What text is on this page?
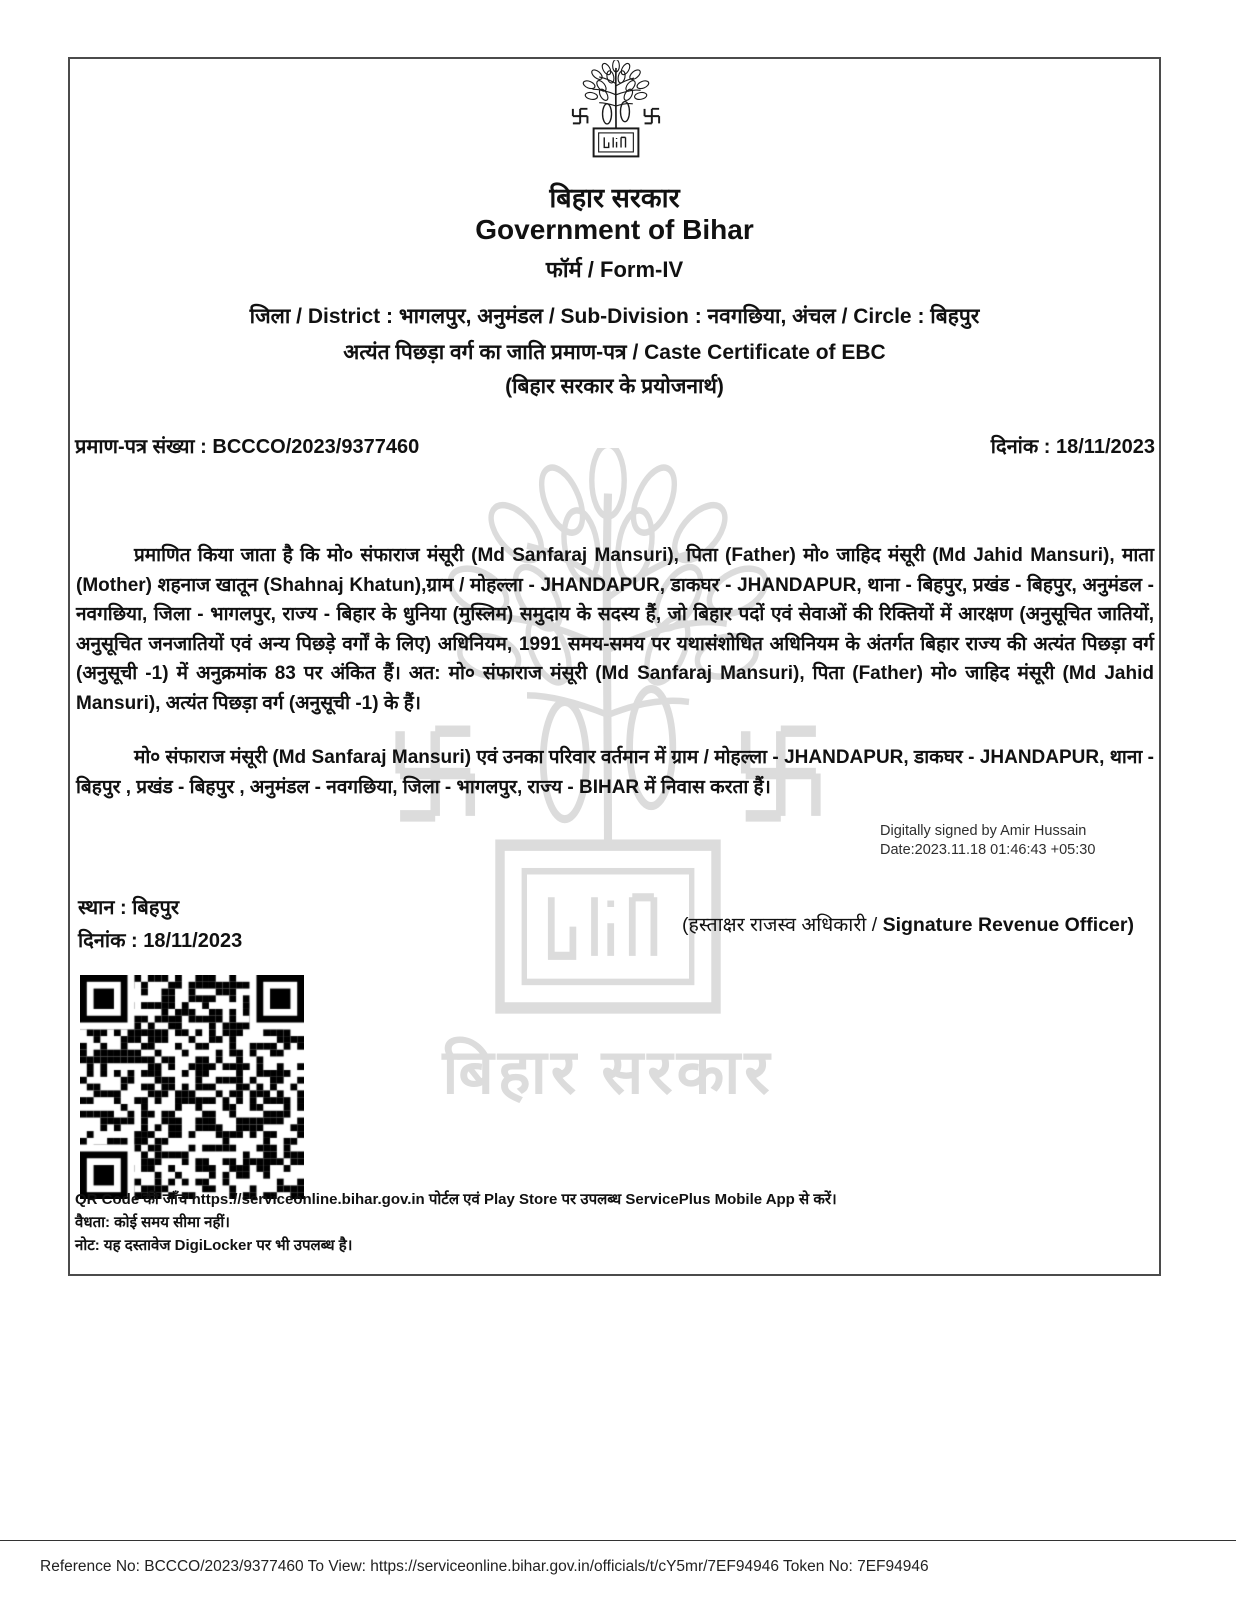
बिहार सरकार
बिहार सरकार
Government of Bihar
फॉर्म / Form-IV
जिला / District : भागलपुर, अनुमंडल / Sub-Division : नवगछिया, अंचल / Circle : बिहपुर
अत्यंत पिछड़ा वर्ग का जाति प्रमाण-पत्र / Caste Certificate of EBC
(बिहार सरकार के प्रयोजनार्थ)
प्रमाण-पत्र संख्या : BCCCO/2023/9377460	दिनांक : 18/11/2023

प्रमाणित किया जाता है कि मो० संफाराज मंसूरी (Md Sanfaraj Mansuri), पिता (Father) मो० जाहिद मंसूरी (Md Jahid Mansuri), माता (Mother) शहनाज खातून (Shahnaj Khatun),ग्राम / मोहल्ला - JHANDAPUR, डाकघर - JHANDAPUR, थाना - बिहपुर, प्रखंड - बिहपुर, अनुमंडल - नवगछिया, जिला - भागलपुर, राज्य - बिहार के धुनिया (मुस्लिम) समुदाय के सदस्य हैं, जो बिहार पदों एवं सेवाओं की रिक्तियों में आरक्षण (अनुसूचित जातियों, अनुसूचित जनजातियों एवं अन्य पिछड़े वर्गों के लिए) अधिनियम, 1991 समय-समय पर यथासंशोधित अधिनियम के अंतर्गत बिहार राज्य की अत्यंत पिछड़ा वर्ग (अनुसूची -1) में अनुक्रमांक 83 पर अंकित हैं। अत: मो० संफाराज मंसूरी (Md Sanfaraj Mansuri), पिता (Father) मो० जाहिद मंसूरी (Md Jahid Mansuri), अत्यंत पिछड़ा वर्ग (अनुसूची -1) के हैं।

मो० संफाराज मंसूरी (Md Sanfaraj Mansuri) एवं उनका परिवार वर्तमान में ग्राम / मोहल्ला - JHANDAPUR, डाकघर - JHANDAPUR, थाना - बिहपुर , प्रखंड - बिहपुर , अनुमंडल - नवगछिया, जिला - भागलपुर, राज्य - BIHAR में निवास करता हैं।

Digitally signed by Amir Hussain
Date:2023.11.18 01:46:43 +05:30
स्थान : बिहपुर
दिनांक : 18/11/2023
(हस्ताक्षर राजस्व अधिकारी / Signature Revenue Officer)
QR Code की जाँच https://serviceonline.bihar.gov.in पोर्टल एवं Play Store पर उपलब्ध ServicePlus Mobile App से करें।
वैधता: कोई समय सीमा नहीं।
नोट: यह दस्तावेज DigiLocker पर भी उपलब्ध है।
Reference No: BCCCO/2023/9377460 To View: https://serviceonline.bihar.gov.in/officials/t/cY5mr/7EF94946 Token No: 7EF94946
